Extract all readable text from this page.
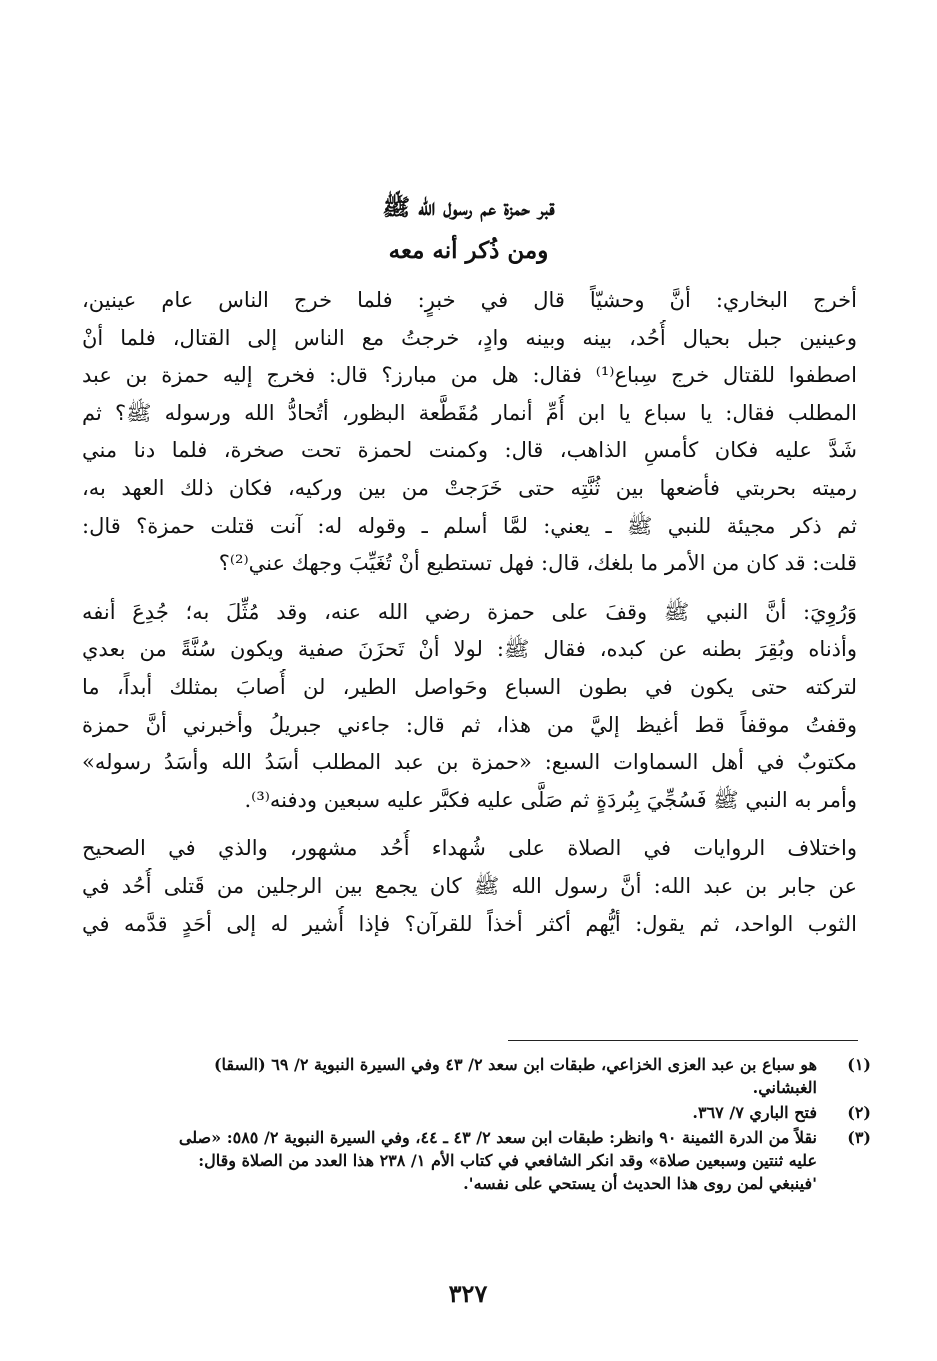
قبر حمزة عم رسول الله ﷺ
ومن ذُكر أنه معه
أخرج البخاري: أنَّ وحشيّاً قال في خبرٍ: فلما خرج الناس عام عينين،
وعينين جبل بحيال أُحُد، بينه وبينه وادٍ، خرجتُ مع الناس إلى القتال، فلما أنْ
اصطفوا للقتال خرج سِباع⁽¹⁾ فقال: هل من مبارز؟ قال: فخرج إليه حمزة بن عبد
المطلب فقال: يا سباع يا ابن أُمِّ أنمار مُقَطَّعة البظور، أتُحادُّ الله ورسوله ﷺ؟ ثم
شَدَّ عليه فكان كأمسِ الذاهب، قال: وكمنت لحمزة تحت صخرة، فلما دنا مني
رميته بحربتي فأضعها بين ثُنَّتِه حتى خَرَجتْ من بين وركيه، فكان ذلك العهد به،
ثم ذكر مجيئة للنبي ﷺ ـ يعني: لمَّا أسلم ـ وقوله له: آنت قتلت حمزة؟ قال:
قلت: قد كان من الأمر ما بلغك، قال: فهل تستطيع أنْ تُغَيِّبَ وجهك عني⁽²⁾؟
وَرُوِيَ: أنَّ النبي ﷺ وقفَ على حمزة رضي الله عنه، وقد مُثِّلَ به؛ جُدِعَ أنفه
وأذناه وبُقِرَ بطنه عن كبده، فقال ﷺ: لولا أنْ تَحزَنَ صفية ويكون سُنَّةً من بعدي
لتركته حتى يكون في بطون السباع وحَواصل الطير، لن أُصابَ بمثلك أبداً، ما
وقفتُ موقفاً قط أغيظ إليَّ من هذا، ثم قال: جاءني جبريلُ وأخبرني أنَّ حمزة
مكتوبٌ في أهل السماوات السبع: «حمزة بن عبد المطلب أسَدُ الله وأسَدُ رسوله»
وأمر به النبي ﷺ فَسُجِّيَ بِبُردَةٍ ثم صَلَّى عليه فكبَّر عليه سبعين ودفنه⁽³⁾.
واختلاف الروايات في الصلاة على شُهداء أُحُد مشهور، والذي في الصحيح
عن جابر بن عبد الله: أنَّ رسول الله ﷺ كان يجمع بين الرجلين من قَتلى أُحُد في
الثوب الواحد، ثم يقول: أيُّهم أكثر أخذاً للقرآن؟ فإذا أُشير له إلى أحَدٍ قدَّمه في
(١)
هو سباع بن عبد العزى الخزاعي، طبقات ابن سعد ٢/ ٤٣ وفي السيرة النبوية ٢/ ٦٩ (السقا)
الغبشاني.
(٢)
فتح الباري ٧/ ٣٦٧.
(٣)
نقلاً من الدرة الثمينة ٩٠ وانظر: طبقات ابن سعد ٢/ ٤٣ ـ ٤٤، وفي السيرة النبوية ٢/ ٥٨٥: «صلى
عليه ثنتين وسبعين صلاة» وقد انكر الشافعي في كتاب الأم ١/ ٢٣٨ هذا العدد من الصلاة وقال:
'فينبغي لمن روى هذا الحديث أن يستحي على نفسه'.
٣٢٧
